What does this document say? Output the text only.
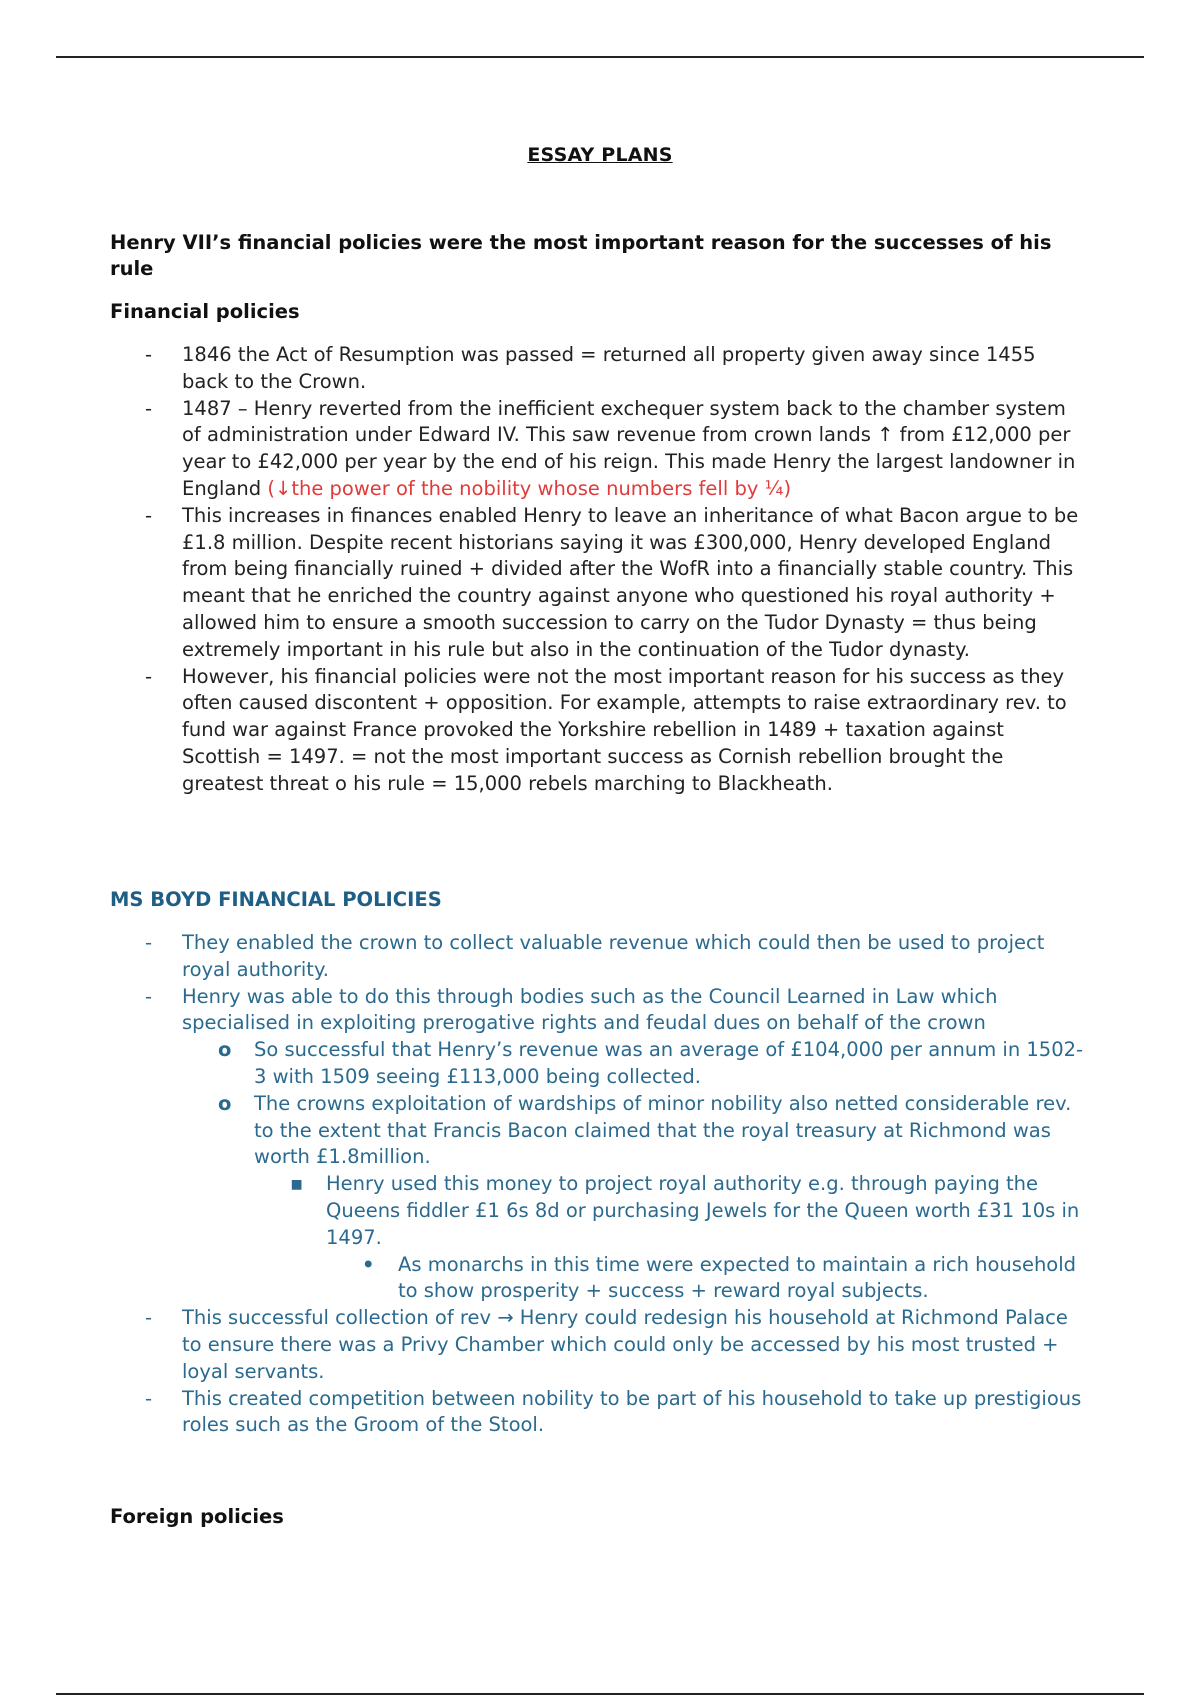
ESSAY PLANS
Henry VII’s financial policies were the most important reason for the successes of his rule
Financial policies
- 1846 the Act of Resumption was passed = returned all property given away since 1455 back to the Crown.
- 1487 – Henry reverted from the inefficient exchequer system back to the chamber system of administration under Edward IV. This saw revenue from crown lands ↑ from £12,000 per year to £42,000 per year by the end of his reign. This made Henry the largest landowner in England (↓the power of the nobility whose numbers fell by ¼)
- This increases in finances enabled Henry to leave an inheritance of what Bacon argue to be £1.8 million. Despite recent historians saying it was £300,000, Henry developed England from being financially ruined + divided after the WofR into a financially stable country. This meant that he enriched the country against anyone who questioned his royal authority + allowed him to ensure a smooth succession to carry on the Tudor Dynasty = thus being extremely important in his rule but also in the continuation of the Tudor dynasty.
- However, his financial policies were not the most important reason for his success as they often caused discontent + opposition. For example, attempts to raise extraordinary rev. to fund war against France provoked the Yorkshire rebellion in 1489 + taxation against Scottish = 1497. = not the most important success as Cornish rebellion brought the greatest threat o his rule = 15,000 rebels marching to Blackheath.
MS BOYD FINANCIAL POLICIES
- They enabled the crown to collect valuable revenue which could then be used to project royal authority.
- Henry was able to do this through bodies such as the Council Learned in Law which specialised in exploiting prerogative rights and feudal dues on behalf of the crown
o So successful that Henry’s revenue was an average of £104,000 per annum in 1502-3 with 1509 seeing £113,000 being collected.
o The crowns exploitation of wardships of minor nobility also netted considerable rev. to the extent that Francis Bacon claimed that the royal treasury at Richmond was worth £1.8million.
▪ Henry used this money to project royal authority e.g. through paying the Queens fiddler £1 6s 8d or purchasing Jewels for the Queen worth £31 10s in 1497.
• As monarchs in this time were expected to maintain a rich household to show prosperity + success + reward royal subjects.
- This successful collection of rev → Henry could redesign his household at Richmond Palace to ensure there was a Privy Chamber which could only be accessed by his most trusted + loyal servants.
- This created competition between nobility to be part of his household to take up prestigious roles such as the Groom of the Stool.
Foreign policies
